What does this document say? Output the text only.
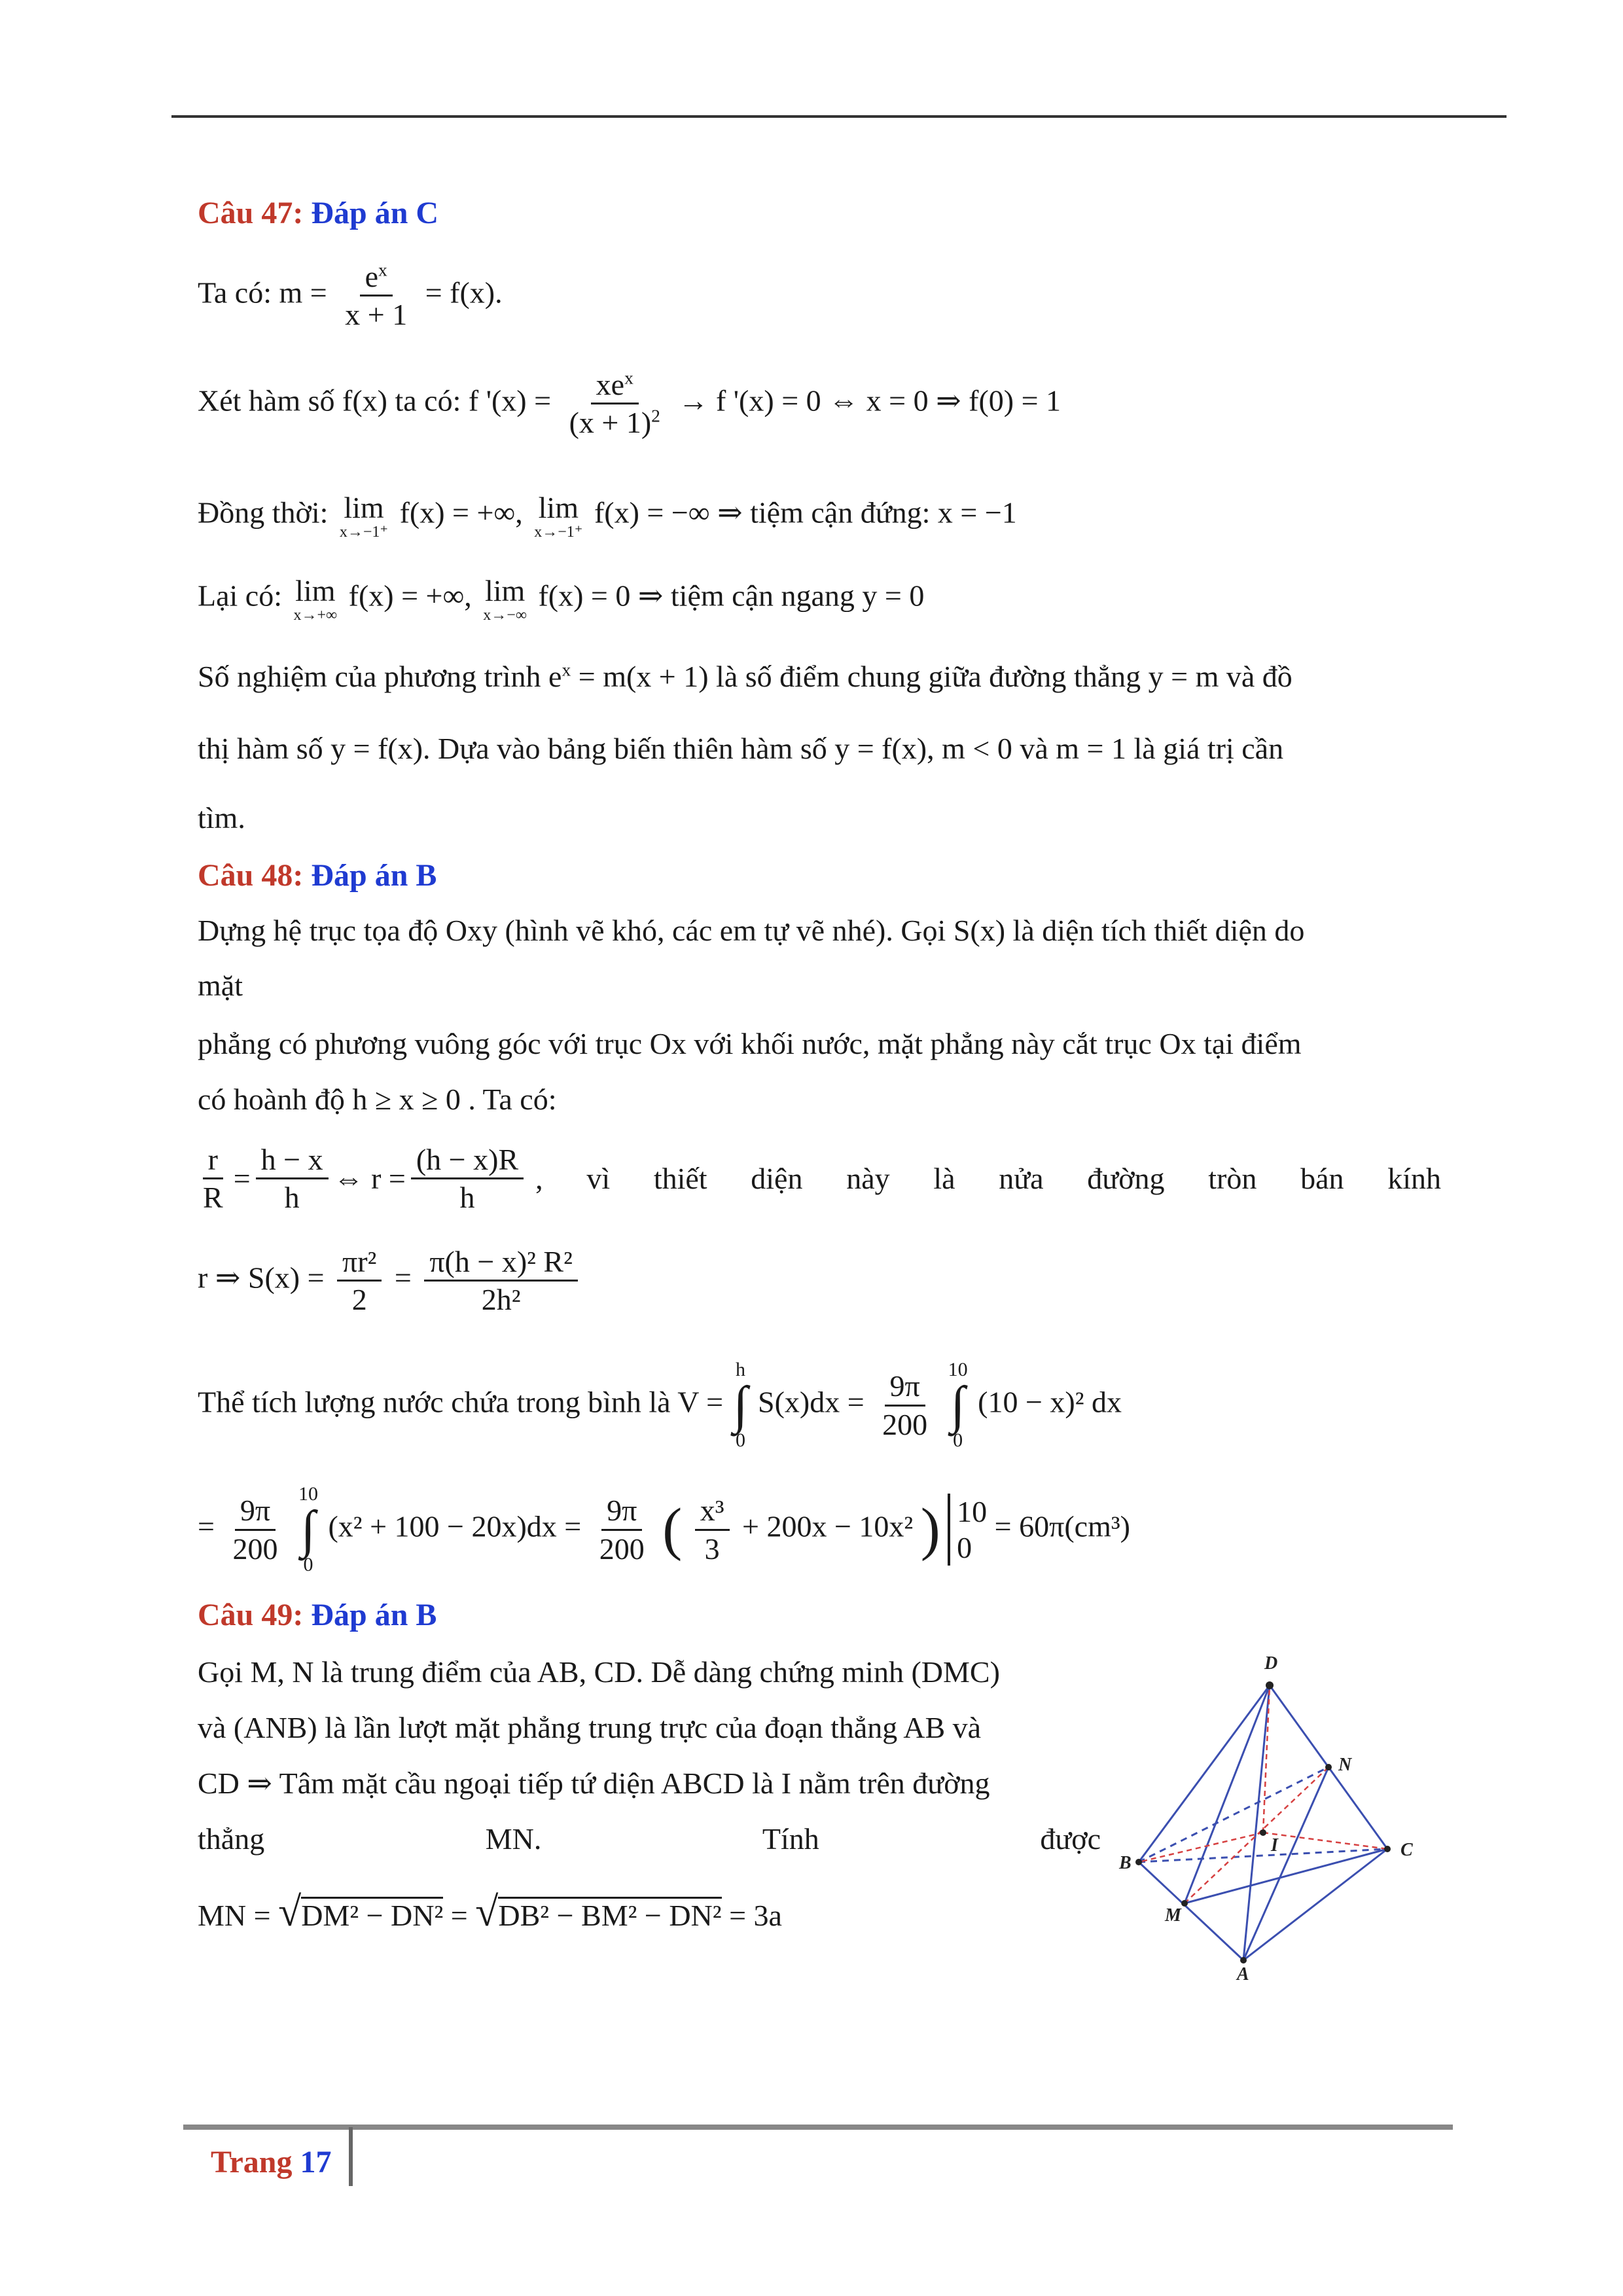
Câu 47: Đáp án C
Ta có: $m = \frac{e^x}{x + 1} = f(x)$.
Xét hàm số f(x) ta có: f '$(x) = \frac{xe^x}{(x + 1)^2} \to f$ '(x) = 0 ⇔ x = 0 ⇒ f(0) = 1
Đồng thời: lim
x→−1⁺
f(x) = +∞, lim
x→−1⁺
f(x) = −∞ ⇒ tiệm cận đứng: x = −1
Lại có: lim
x→+∞
f(x) = +∞, lim
x→−∞
f(x) = 0 ⇒ tiệm cận ngang y = 0
Số nghiệm của phương trình $e^x = m(x + 1)$ là số điểm chung giữa đường thẳng y = m và đồ
thị hàm số y = f(x). Dựa vào bảng biến thiên hàm số y = f(x), m < 0 và m = 1 là giá trị cần
tìm.
Câu 48: Đáp án B
Dựng hệ trục tọa độ Oxy (hình vẽ khó, các em tự vẽ nhé). Gọi S(x) là diện tích thiết diện do
mặt
phẳng có phương vuông góc với trục Ox với khối nước, mặt phẳng này cắt trục Ox tại điểm
có hoành độ h ≥ x ≥ 0 . Ta có:
$\frac{r}{R} = \frac{h - x}{h}$ ⇔ $r = \frac{(h - x)R}{h}$ , vì thiết diện này là nửa đường tròn bán kính
r ⇒ $S(x) = \frac{\text{πr²}}{2} = \frac{\text{π(h − x)² R²}}{\text{2h²}}$
Thể tích lượng nước chứa trong bình là V =
h
∫
0
$S(x)dx = \frac{9\pi}{200}$
10
∫
0
(10 − x)² dx
= $\frac{9\pi}{200}$
10
∫
0
$(x^2 + 100 - 20x)dx = \frac{9\pi}{200}$ ( $\frac{\text{x³}}{3} + 200x - 10x^2$ ) 10
0
= 60π(cm³)
Câu 49: Đáp án B
Gọi M, N là trung điểm của AB, CD. Dễ dàng chứng minh (DMC)
và (ANB) là lần lượt mặt phẳng trung trực của đoạn thẳng AB và
CD ⇒ Tâm mặt cầu ngoại tiếp tứ diện ABCD là I nằm trên đường
thẳng	MN.	Tính	được
MN = √DM² − DN² = √DB² − BM² − DN² = 3a
D
N
I
B
C
M
A
Trang 17
